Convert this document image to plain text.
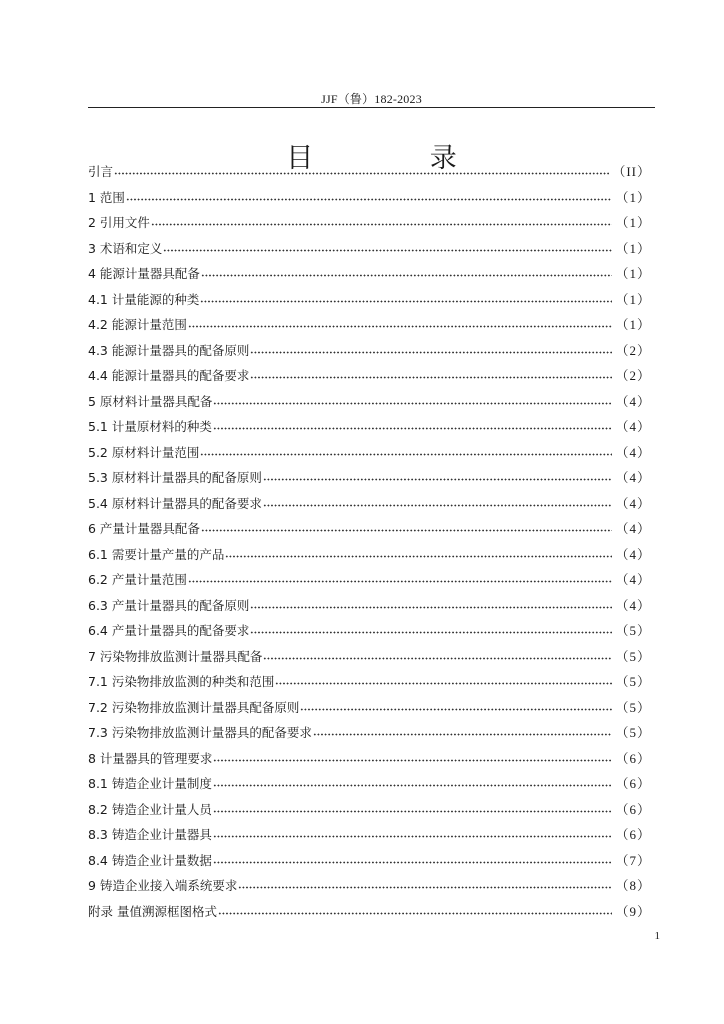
JJF（鲁）182-2023
目 录
引言	（II）
1 范围	（1）
2 引用文件	（1）
3 术语和定义	（1）
4 能源计量器具配备	（1）
4.1 计量能源的种类	（1）
4.2 能源计量范围	（1）
4.3 能源计量器具的配备原则	（2）
4.4 能源计量器具的配备要求	（2）
5 原材料计量器具配备	（4）
5.1 计量原材料的种类	（4）
5.2 原材料计量范围	（4）
5.3 原材料计量器具的配备原则	（4）
5.4 原材料计量器具的配备要求	（4）
6 产量计量器具配备	（4）
6.1 需要计量产量的产品	（4）
6.2 产量计量范围	（4）
6.3 产量计量器具的配备原则	（4）
6.4 产量计量器具的配备要求	（5）
7 污染物排放监测计量器具配备	（5）
7.1 污染物排放监测的种类和范围	（5）
7.2 污染物排放监测计量器具配备原则	（5）
7.3 污染物排放监测计量器具的配备要求	（5）
8 计量器具的管理要求	（6）
8.1 铸造企业计量制度	（6）
8.2 铸造企业计量人员	（6）
8.3 铸造企业计量器具	（6）
8.4 铸造企业计量数据	（7）
9 铸造企业接入端系统要求	（8）
附录 量值溯源框图格式	（9）
1
